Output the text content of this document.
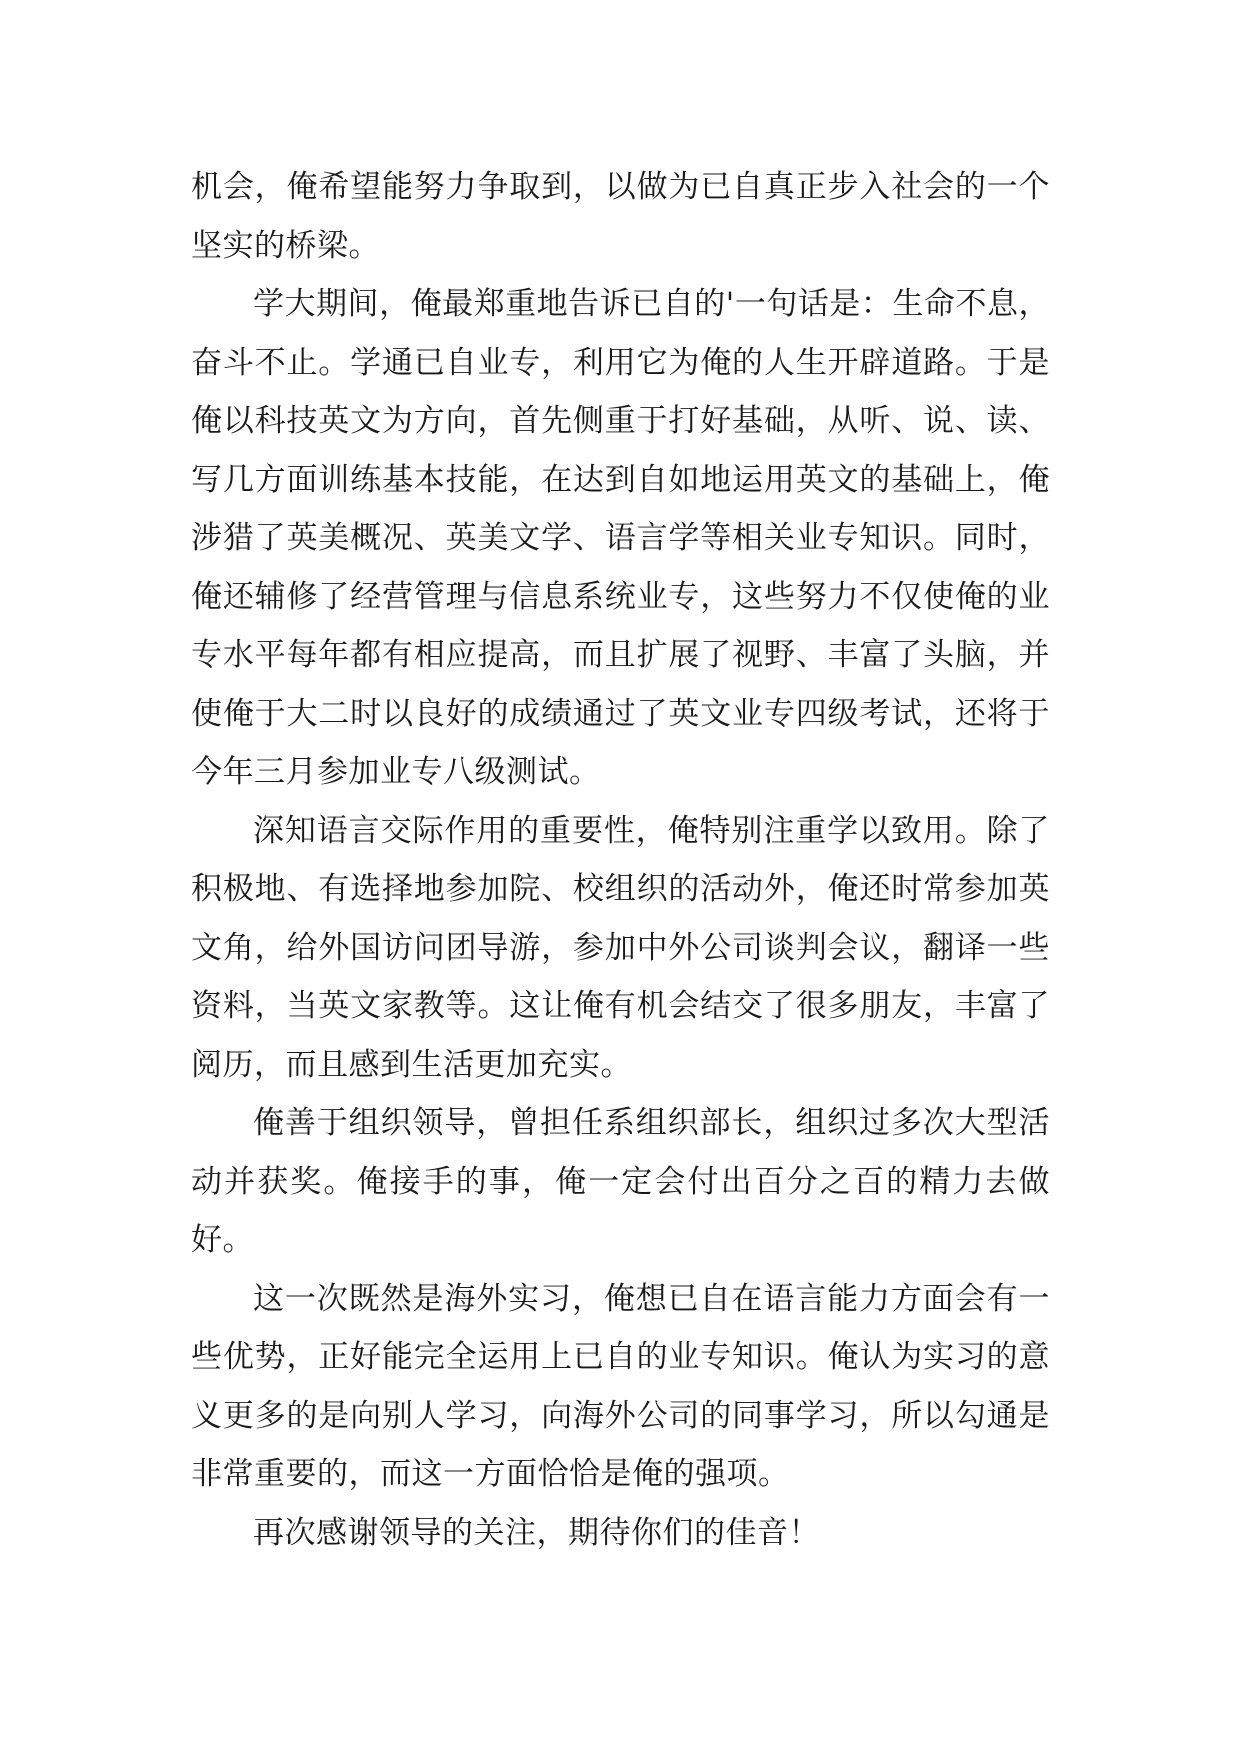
机会，俺希望能努力争取到，以做为已自真正步入社会的一个坚实的桥梁。

学大期间，俺最郑重地告诉已自的'一句话是：生命不息，奋斗不止。学通已自业专，利用它为俺的人生开辟道路。于是俺以科技英文为方向，首先侧重于打好基础，从听、说、读、写几方面训练基本技能，在达到自如地运用英文的基础上，俺涉猎了英美概况、英美文学、语言学等相关业专知识。同时，俺还辅修了经营管理与信息系统业专，这些努力不仅使俺的业专水平每年都有相应提高，而且扩展了视野、丰富了头脑，并使俺于大二时以良好的成绩通过了英文业专四级考试，还将于今年三月参加业专八级测试。

深知语言交际作用的重要性，俺特别注重学以致用。除了积极地、有选择地参加院、校组织的活动外，俺还时常参加英文角，给外国访问团导游，参加中外公司谈判会议，翻译一些资料，当英文家教等。这让俺有机会结交了很多朋友，丰富了阅历，而且感到生活更加充实。

俺善于组织领导，曾担任系组织部长，组织过多次大型活动并获奖。俺接手的事，俺一定会付出百分之百的精力去做好。

这一次既然是海外实习，俺想已自在语言能力方面会有一些优势，正好能完全运用上已自的业专知识。俺认为实习的意义更多的是向别人学习，向海外公司的同事学习，所以勾通是非常重要的，而这一方面恰恰是俺的强项。

再次感谢领导的关注，期待你们的佳音！
